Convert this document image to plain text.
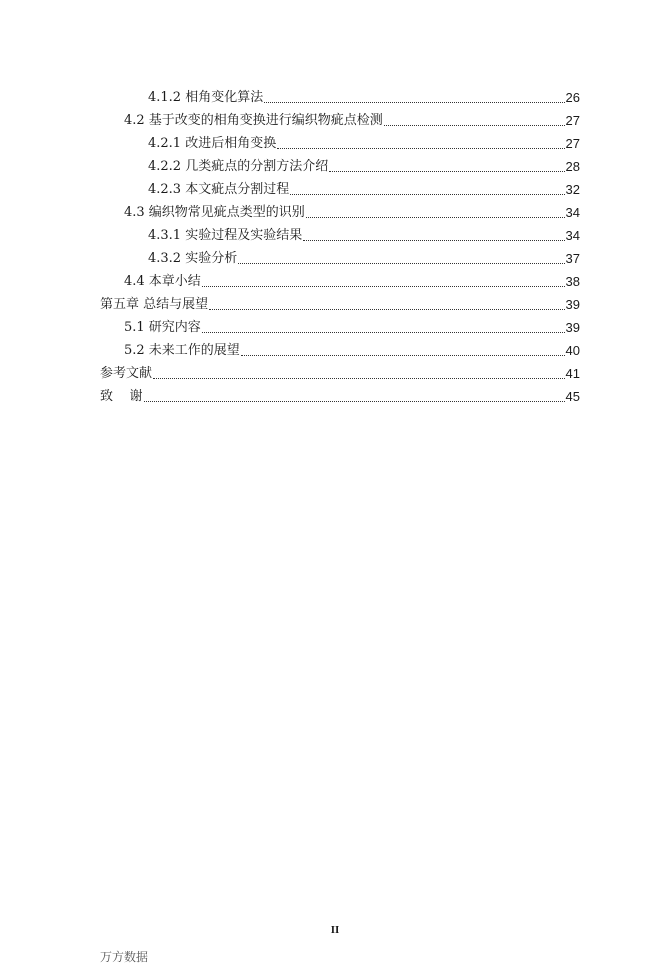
4.1.2 相角变化算法	26
4.2 基于改变的相角变换进行编织物疵点检测	27
4.2.1 改进后相角变换	27
4.2.2 几类疵点的分割方法介绍	28
4.2.3 本文疵点分割过程	32
4.3 编织物常见疵点类型的识别	34
4.3.1 实验过程及实验结果	34
4.3.2 实验分析	37
4.4 本章小结	38
第五章 总结与展望	39
5.1 研究内容	39
5.2 未来工作的展望	40
参考文献	41
致    谢	45
II
万方数据
